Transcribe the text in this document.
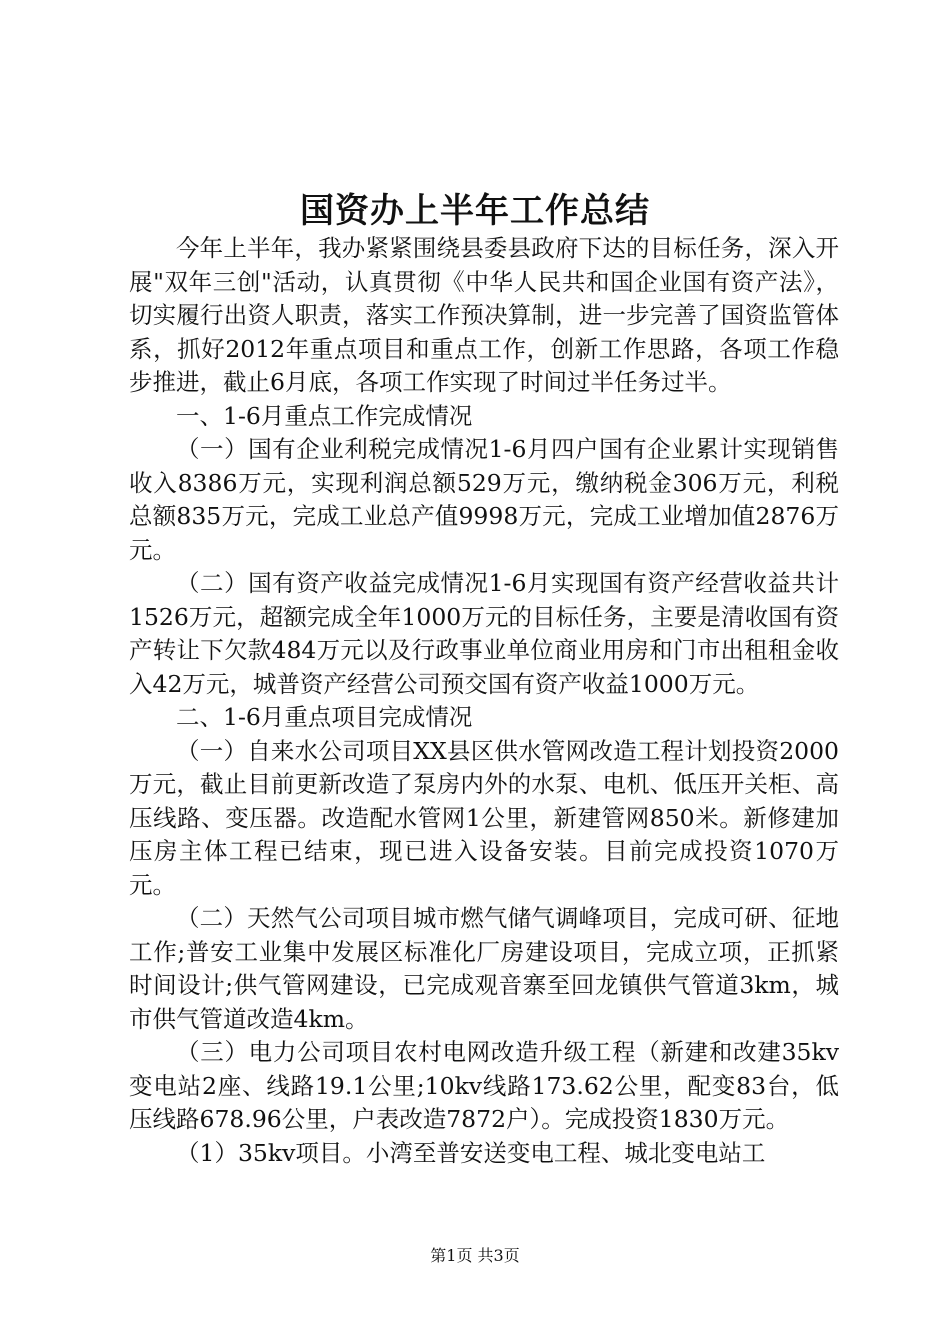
国资办上半年工作总结

今年上半年，我办紧紧围绕县委县政府下达的目标任务，深入开展"双年三创"活动，认真贯彻《中华人民共和国企业国有资产法》，切实履行出资人职责，落实工作预决算制，进一步完善了国资监管体系，抓好2012年重点项目和重点工作，创新工作思路，各项工作稳步推进，截止6月底，各项工作实现了时间过半任务过半。

一、1-6月重点工作完成情况

（一）国有企业利税完成情况1-6月四户国有企业累计实现销售收入8386万元，实现利润总额529万元，缴纳税金306万元，利税总额835万元，完成工业总产值9998万元，完成工业增加值2876万元。

（二）国有资产收益完成情况1-6月实现国有资产经营收益共计1526万元，超额完成全年1000万元的目标任务，主要是清收国有资产转让下欠款484万元以及行政事业单位商业用房和门市出租租金收入42万元，城普资产经营公司预交国有资产收益1000万元。

二、1-6月重点项目完成情况

（一）自来水公司项目XX县区供水管网改造工程计划投资2000万元，截止目前更新改造了泵房内外的水泵、电机、低压开关柜、高压线路、变压器。改造配水管网1公里，新建管网850米。新修建加压房主体工程已结束，现已进入设备安装。目前完成投资1070万元。

（二）天然气公司项目城市燃气储气调峰项目，完成可研、征地工作;普安工业集中发展区标准化厂房建设项目，完成立项，正抓紧时间设计;供气管网建设，已完成观音寨至回龙镇供气管道3km，城市供气管道改造4km。

（三）电力公司项目农村电网改造升级工程（新建和改建35kv变电站2座、线路19.1公里;10kv线路173.62公里，配变83台，低压线路678.96公里，户表改造7872户）。完成投资1830万元。

（1）35kv项目。小湾至普安送变电工程、城北变电站工

第1页 共3页
